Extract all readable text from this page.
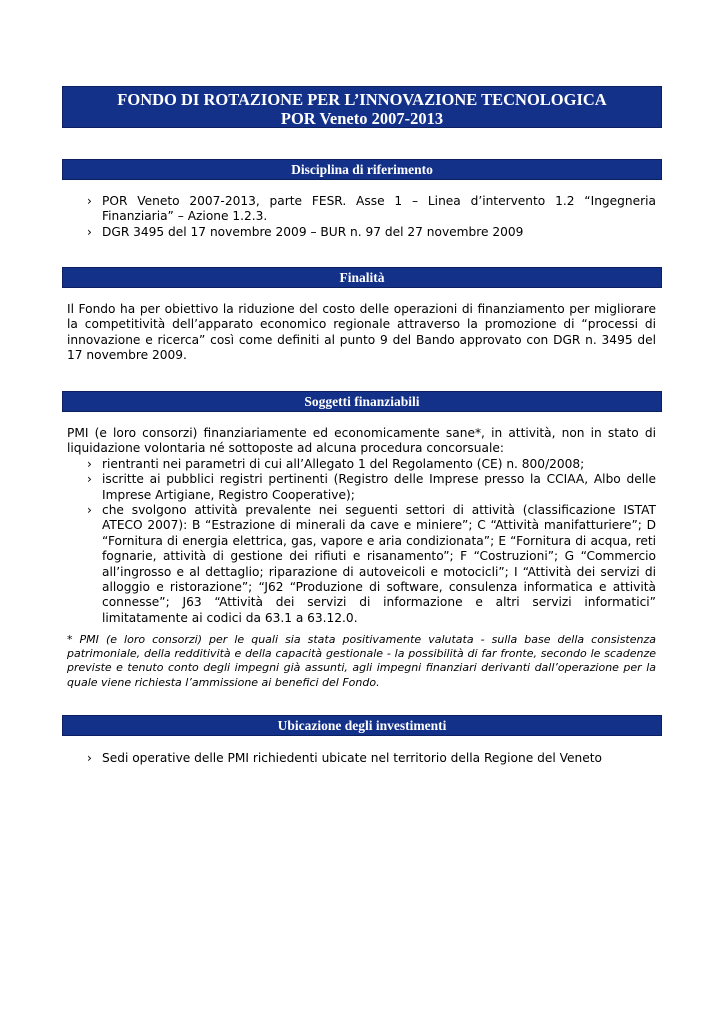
FONDO DI ROTAZIONE PER L’INNOVAZIONE TECNOLOGICA
POR Veneto 2007-2013
Disciplina di riferimento
› POR Veneto 2007-2013, parte FESR. Asse 1 – Linea d’intervento 1.2 “Ingegneria Finanziaria” – Azione 1.2.3.
› DGR 3495 del 17 novembre 2009 – BUR n. 97 del 27 novembre 2009
Finalità

Il Fondo ha per obiettivo la riduzione del costo delle operazioni di finanziamento per migliorare la competitività dell’apparato economico regionale attraverso la promozione di “processi di innovazione e ricerca” così come definiti al punto 9 del Bando approvato con DGR n. 3495 del 17 novembre 2009.

Soggetti finanziabili

PMI (e loro consorzi) finanziariamente ed economicamente sane*, in attività, non in stato di liquidazione volontaria né sottoposte ad alcuna procedura concorsuale:

› rientranti nei parametri di cui all’Allegato 1 del Regolamento (CE) n. 800/2008;
› iscritte ai pubblici registri pertinenti (Registro delle Imprese presso la CCIAA, Albo delle Imprese Artigiane, Registro Cooperative);
› che svolgono attività prevalente nei seguenti settori di attività (classificazione ISTAT ATECO 2007): B “Estrazione di minerali da cave e miniere”; C “Attività manifatturiere”; D “Fornitura di energia elettrica, gas, vapore e aria condizionata”; E “Fornitura di acqua, reti fognarie, attività di gestione dei rifiuti e risanamento”; F “Costruzioni”; G “Commercio all’ingrosso e al dettaglio; riparazione di autoveicoli e motocicli”; I “Attività dei servizi di alloggio e ristorazione”; “J62 “Produzione di software, consulenza informatica e attività connesse”; J63 “Attività dei servizi di informazione e altri servizi informatici” limitatamente ai codici da 63.1 a 63.12.0.
* PMI (e loro consorzi) per le quali sia stata positivamente valutata - sulla base della consistenza patrimoniale, della redditività e della capacità gestionale - la possibilità di far fronte, secondo le scadenze previste e tenuto conto degli impegni già assunti, agli impegni finanziari derivanti dall’operazione per la quale viene richiesta l’ammissione ai benefici del Fondo.
Ubicazione degli investimenti
› Sedi operative delle PMI richiedenti ubicate nel territorio della Regione del Veneto
